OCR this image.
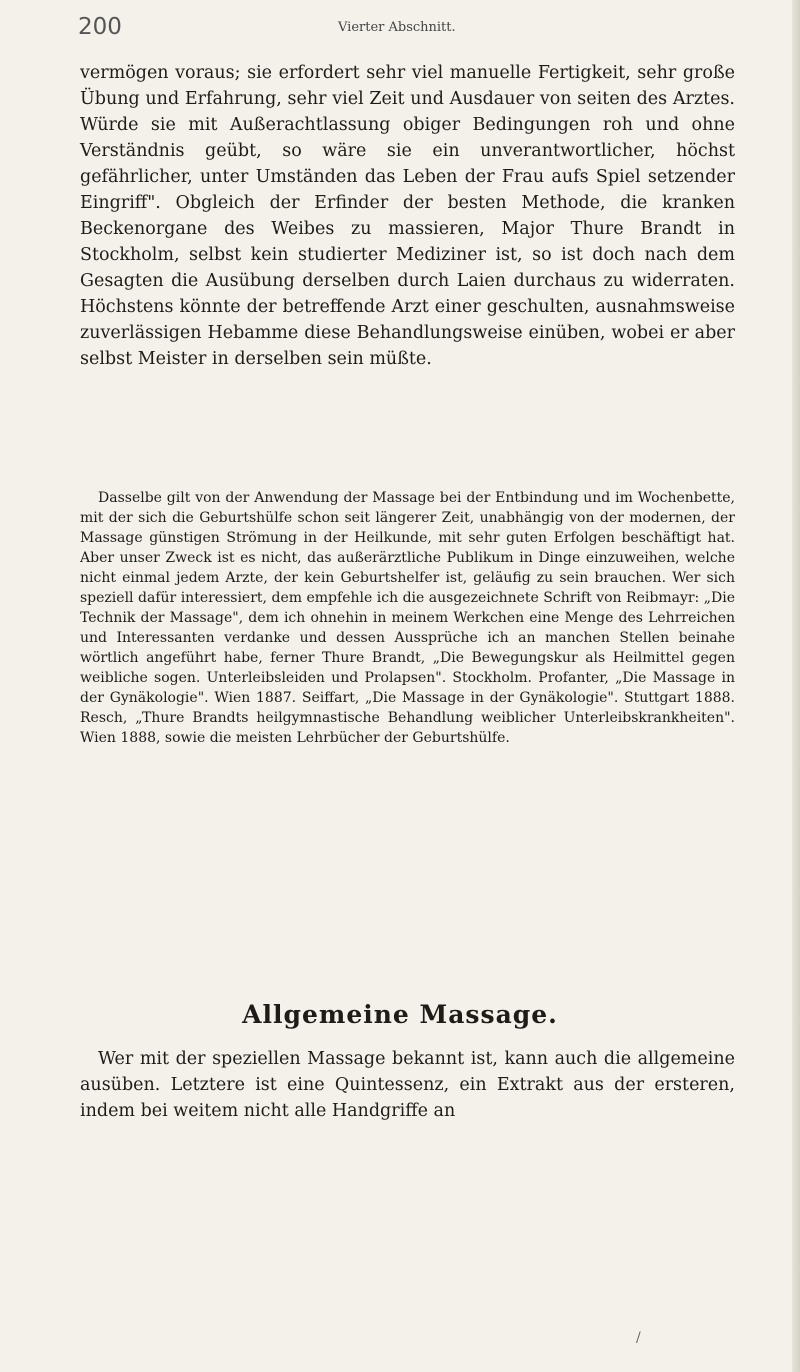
200	Vierter Abschnitt.

vermögen voraus; sie erfordert sehr viel manuelle Fertigkeit, sehr große Übung und Erfahrung, sehr viel Zeit und Ausdauer von seiten des Arztes. Würde sie mit Außerachtlassung obiger Bedingungen roh und ohne Verständnis geübt, so wäre sie ein unverantwortlicher, höchst gefährlicher, unter Umständen das Leben der Frau aufs Spiel setzender Eingriff". Obgleich der Erfinder der besten Methode, die kranken Beckenorgane des Weibes zu massieren, Major Thure Brandt in Stockholm, selbst kein studierter Mediziner ist, so ist doch nach dem Gesagten die Ausübung derselben durch Laien durchaus zu widerraten. Höchstens könnte der betreffende Arzt einer geschulten, ausnahmsweise zuverlässigen Hebamme diese Behandlungsweise einüben, wobei er aber selbst Meister in derselben sein müßte.

Dasselbe gilt von der Anwendung der Massage bei der Entbindung und im Wochenbette, mit der sich die Geburtshülfe schon seit längerer Zeit, unabhängig von der modernen, der Massage günstigen Strömung in der Heilkunde, mit sehr guten Erfolgen beschäftigt hat. Aber unser Zweck ist es nicht, das außerärztliche Publikum in Dinge einzuweihen, welche nicht einmal jedem Arzte, der kein Geburtshelfer ist, geläufig zu sein brauchen. Wer sich speziell dafür interessiert, dem empfehle ich die ausgezeichnete Schrift von Reibmayr: „Die Technik der Massage", dem ich ohnehin in meinem Werkchen eine Menge des Lehrreichen und Interessanten verdanke und dessen Aussprüche ich an manchen Stellen beinahe wörtlich angeführt habe, ferner Thure Brandt, „Die Bewegungskur als Heilmittel gegen weibliche sogen. Unterleibsleiden und Prolapsen". Stockholm. Profanter, „Die Massage in der Gynäkologie". Wien 1887. Seiffart, „Die Massage in der Gynäkologie". Stuttgart 1888. Resch, „Thure Brandts heilgymnastische Behandlung weiblicher Unterleibskrankheiten". Wien 1888, sowie die meisten Lehrbücher der Geburtshülfe.

Allgemeine Massage.

Wer mit der speziellen Massage bekannt ist, kann auch die allgemeine ausüben. Letztere ist eine Quintessenz, ein Extrakt aus der ersteren, indem bei weitem nicht alle Handgriffe an

/
